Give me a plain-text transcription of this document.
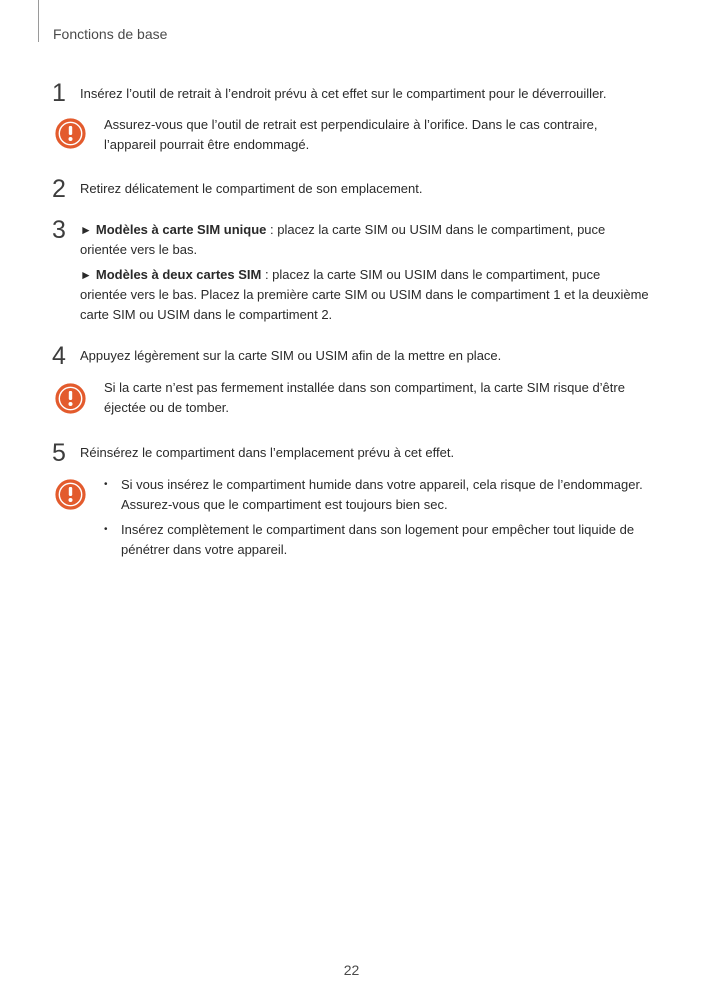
Fonctions de base
1 Insérez l’outil de retrait à l’endroit prévu à cet effet sur le compartiment pour le déverrouiller.
Assurez-vous que l’outil de retrait est perpendiculaire à l’orifice. Dans le cas contraire, l’appareil pourrait être endommagé.
2 Retirez délicatement le compartiment de son emplacement.
3 ► Modèles à carte SIM unique : placez la carte SIM ou USIM dans le compartiment, puce orientée vers le bas.
► Modèles à deux cartes SIM : placez la carte SIM ou USIM dans le compartiment, puce orientée vers le bas. Placez la première carte SIM ou USIM dans le compartiment 1 et la deuxième carte SIM ou USIM dans le compartiment 2.
4 Appuyez légèrement sur la carte SIM ou USIM afin de la mettre en place.
Si la carte n’est pas fermement installée dans son compartiment, la carte SIM risque d’être éjectée ou de tomber.
5 Réinsérez le compartiment dans l’emplacement prévu à cet effet.
• Si vous insérez le compartiment humide dans votre appareil, cela risque de l’endommager. Assurez-vous que le compartiment est toujours bien sec.
• Insérez complètement le compartiment dans son logement pour empêcher tout liquide de pénétrer dans votre appareil.
22
